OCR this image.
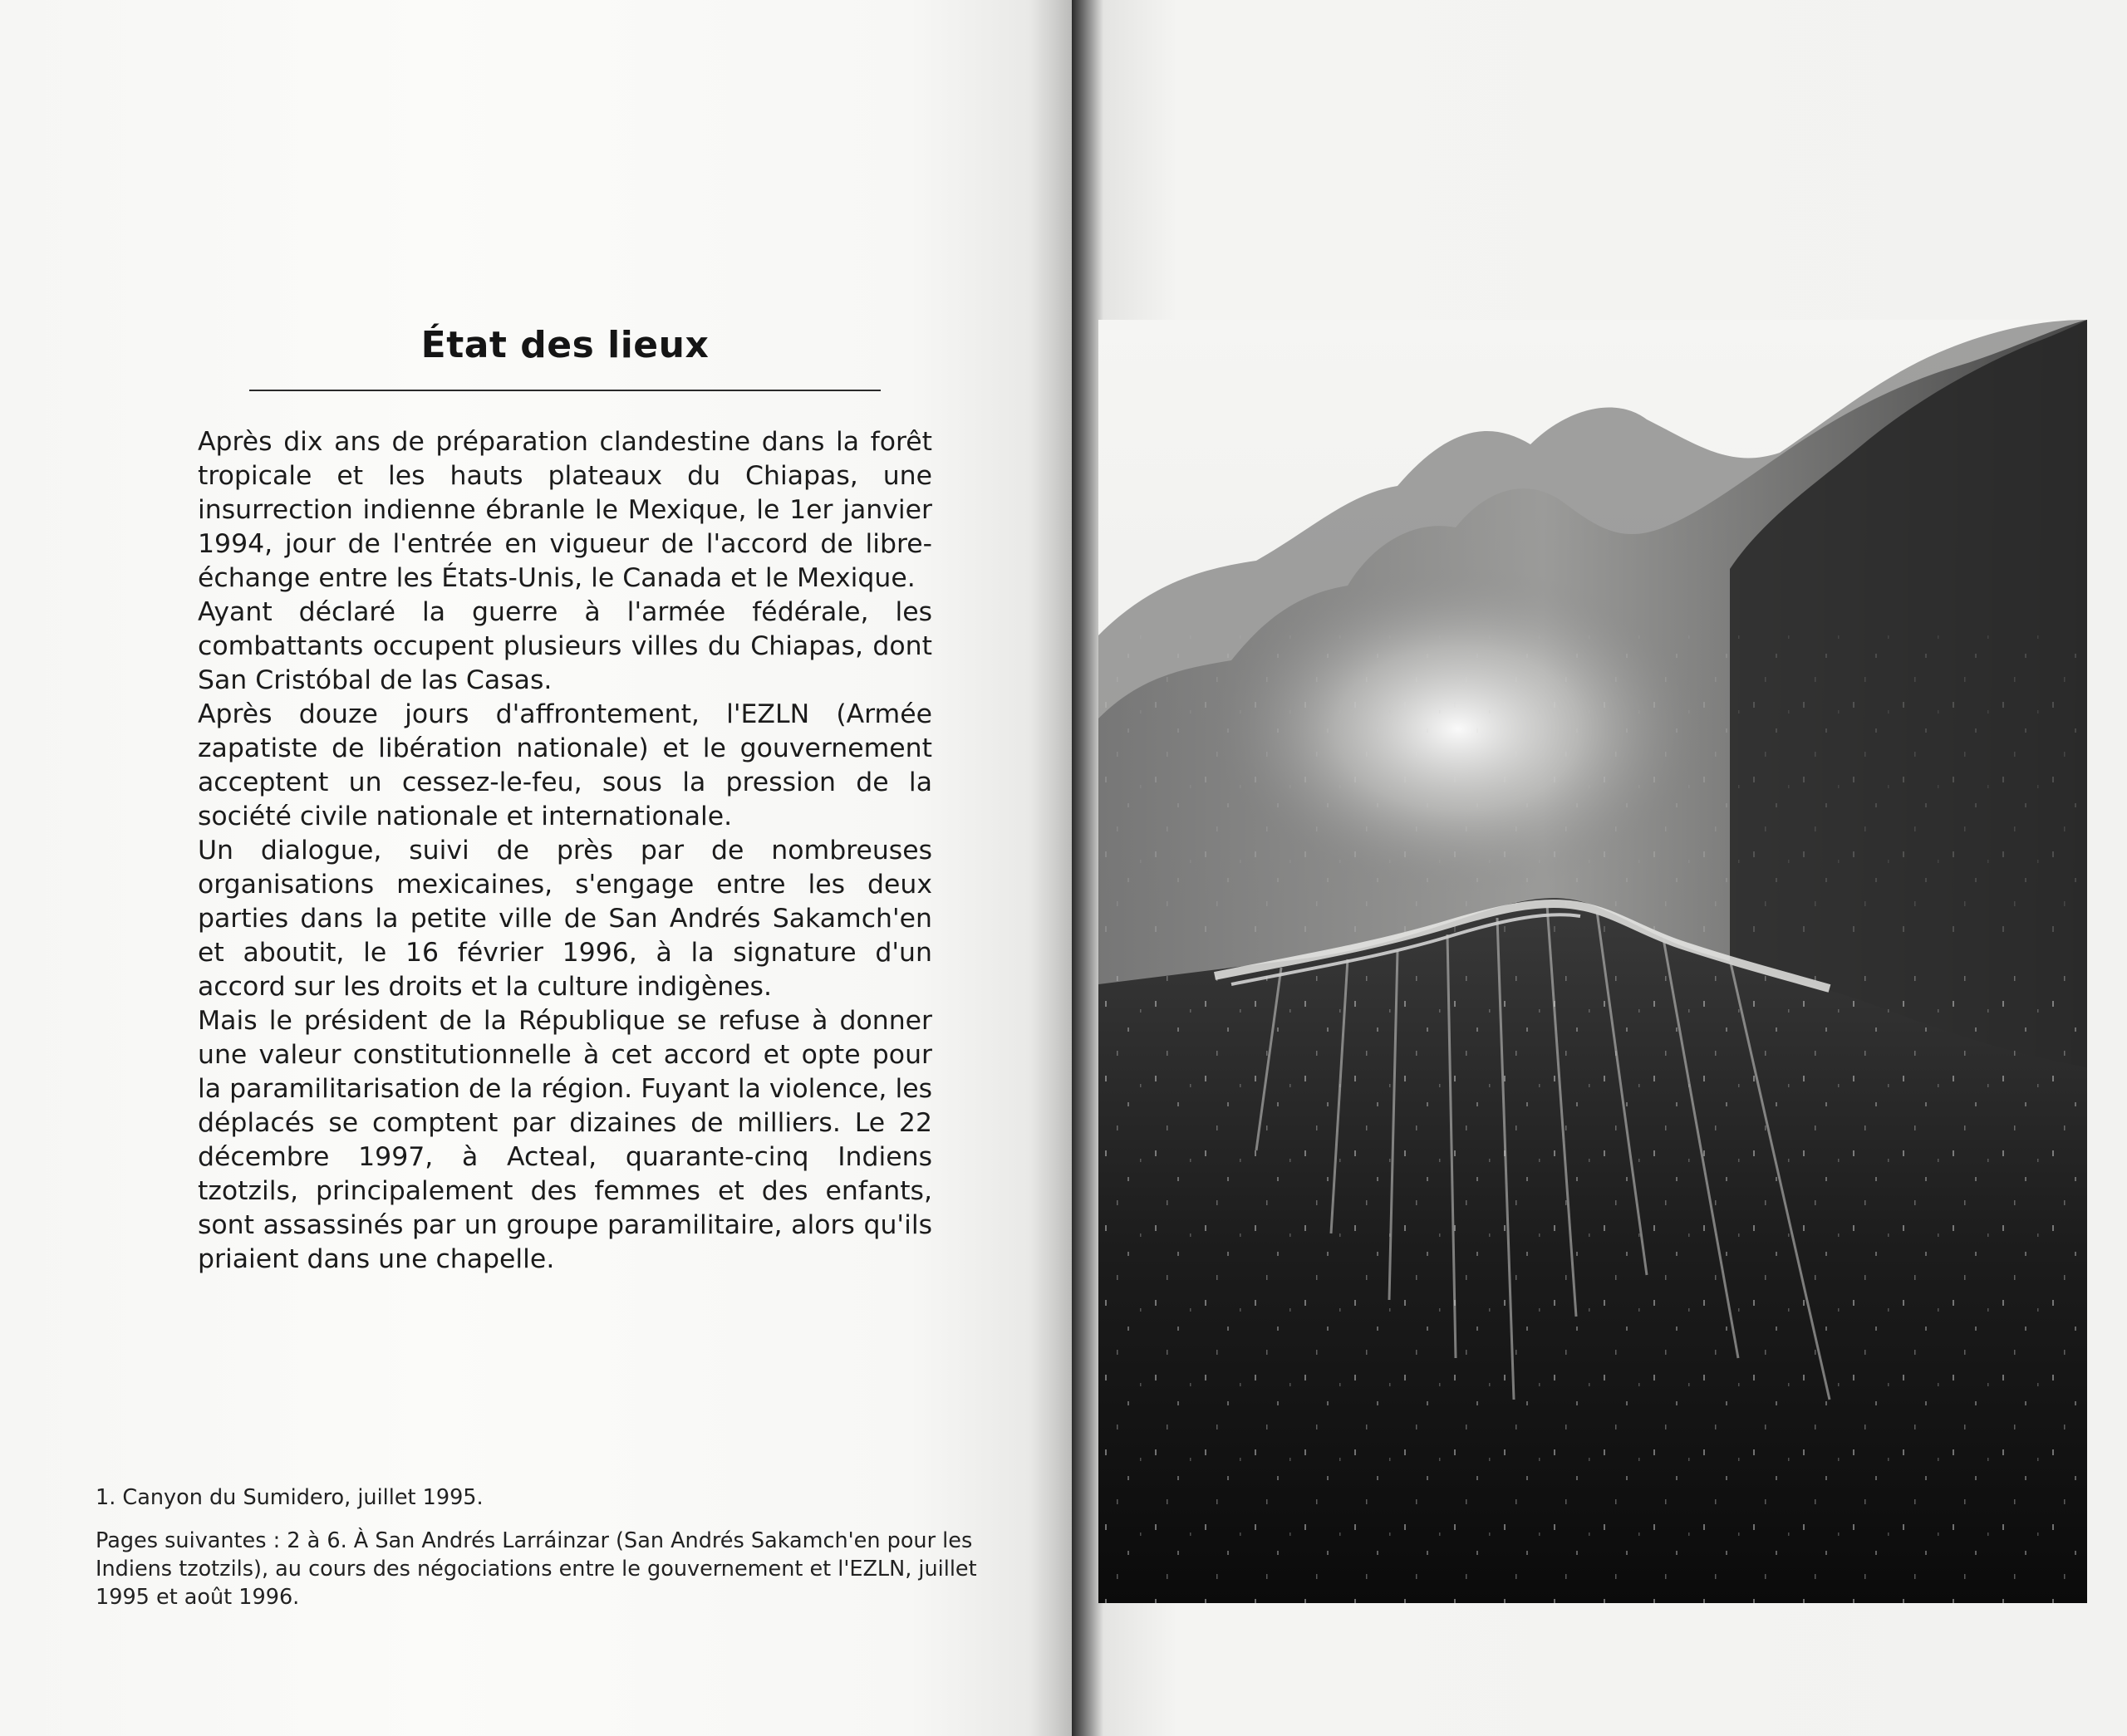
État des lieux

Après dix ans de préparation clandestine dans la forêt tropicale et les hauts plateaux du Chiapas, une insurrection indienne ébranle le Mexique, le 1er janvier 1994, jour de l'entrée en vigueur de l'accord de libre-échange entre les États-Unis, le Canada et le Mexique.

Ayant déclaré la guerre à l'armée fédérale, les combattants occupent plusieurs villes du Chiapas, dont San Cristóbal de las Casas.

Après douze jours d'affrontement, l'EZLN (Armée zapatiste de libération nationale) et le gouvernement acceptent un cessez-le-feu, sous la pression de la société civile nationale et internationale.

Un dialogue, suivi de près par de nombreuses organisations mexicaines, s'engage entre les deux parties dans la petite ville de San Andrés Sakamch'en et aboutit, le 16 février 1996, à la signature d'un accord sur les droits et la culture indigènes.

Mais le président de la République se refuse à donner une valeur constitutionnelle à cet accord et opte pour la paramilitarisation de la région. Fuyant la violence, les déplacés se comptent par dizaines de milliers. Le 22 décembre 1997, à Acteal, quarante-cinq Indiens tzotzils, principalement des femmes et des enfants, sont assassinés par un groupe paramilitaire, alors qu'ils priaient dans une chapelle.

1. Canyon du Sumidero, juillet 1995.

Pages suivantes : 2 à 6. À San Andrés Larráinzar (San Andrés Sakamch'en pour les Indiens tzotzils), au cours des négociations entre le gouvernement et l'EZLN, juillet 1995 et août 1996.
